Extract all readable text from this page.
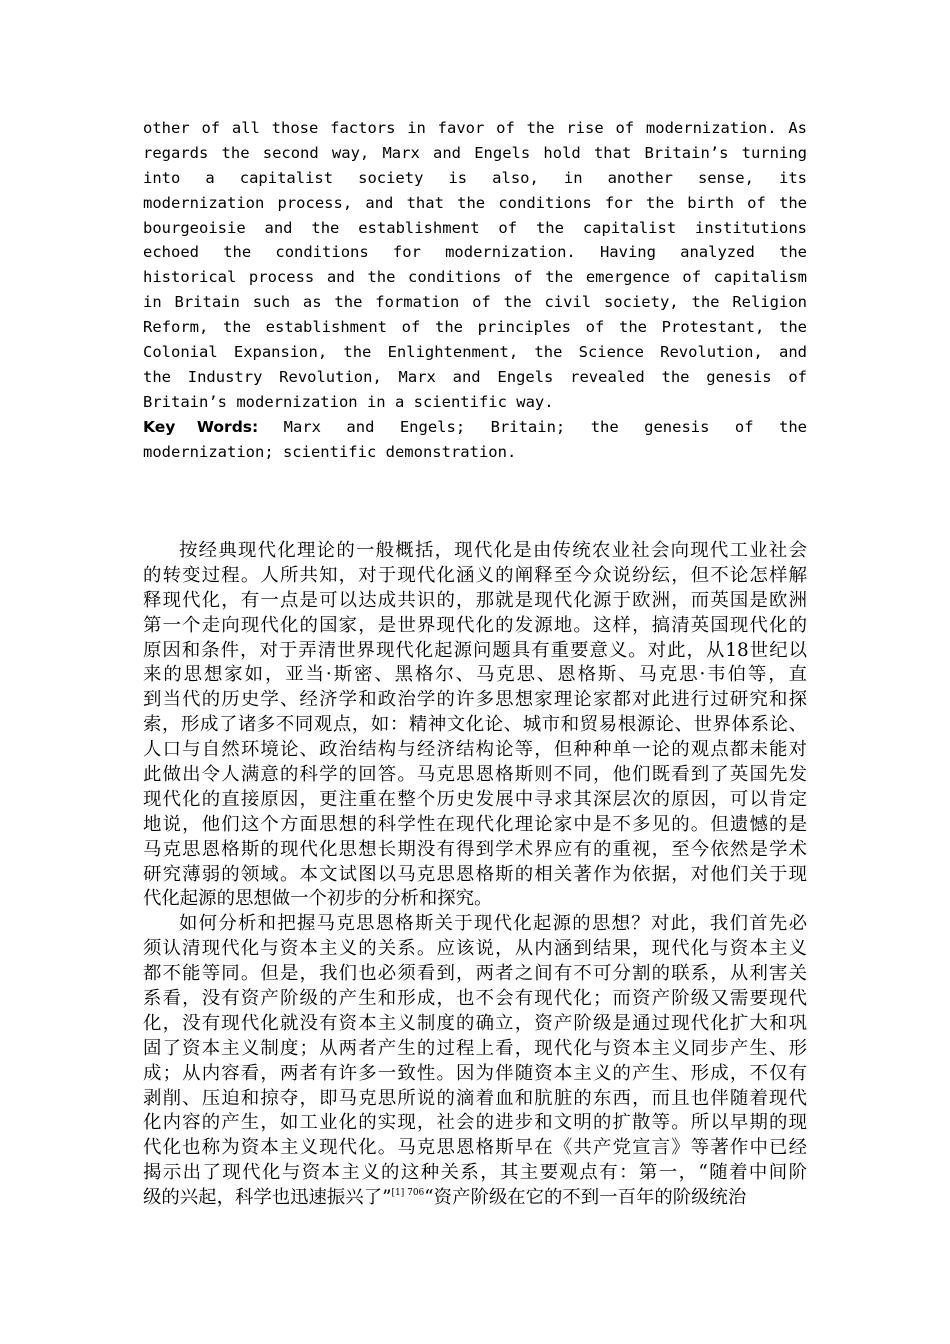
other of all those factors in favor of the rise of modernization. As
regards the second way, Marx and Engels hold that Britain’s turning
into a capitalist society is also, in another sense, its
modernization process, and that the conditions for the birth of the
bourgeoisie and the establishment of the capitalist institutions
echoed the conditions for modernization. Having analyzed the
historical process and the conditions of the emergence of capitalism
in Britain such as the formation of the civil society, the Religion
Reform, the establishment of the principles of the Protestant, the
Colonial Expansion, the Enlightenment, the Science Revolution, and
the Industry Revolution, Marx and Engels revealed the genesis of
Britain’s modernization in a scientific way.
Key Words: Marx and Engels; Britain; the genesis of the
modernization; scientific demonstration.
按经典现代化理论的一般概括，现代化是由传统农业社会向现代工业社会
的转变过程。人所共知，对于现代化涵义的阐释至今众说纷纭，但不论怎样解
释现代化，有一点是可以达成共识的，那就是现代化源于欧洲，而英国是欧洲
第一个走向现代化的国家，是世界现代化的发源地。这样，搞清英国现代化的
原因和条件，对于弄清世界现代化起源问题具有重要意义。对此，从18世纪以
来的思想家如，亚当·斯密、黑格尔、马克思、恩格斯、马克思·韦伯等，直
到当代的历史学、经济学和政治学的许多思想家理论家都对此进行过研究和探
索，形成了诸多不同观点，如：精神文化论、城市和贸易根源论、世界体系论、
人口与自然环境论、政治结构与经济结构论等，但种种单一论的观点都未能对
此做出令人满意的科学的回答。马克思恩格斯则不同，他们既看到了英国先发
现代化的直接原因，更注重在整个历史发展中寻求其深层次的原因，可以肯定
地说，他们这个方面思想的科学性在现代化理论家中是不多见的。但遗憾的是
马克思恩格斯的现代化思想长期没有得到学术界应有的重视，至今依然是学术
研究薄弱的领域。本文试图以马克思恩格斯的相关著作为依据，对他们关于现
代化起源的思想做一个初步的分析和探究。
如何分析和把握马克思恩格斯关于现代化起源的思想？对此，我们首先必
须认清现代化与资本主义的关系。应该说，从内涵到结果，现代化与资本主义
都不能等同。但是，我们也必须看到，两者之间有不可分割的联系，从利害关
系看，没有资产阶级的产生和形成，也不会有现代化；而资产阶级又需要现代
化，没有现代化就没有资本主义制度的确立，资产阶级是通过现代化扩大和巩
固了资本主义制度；从两者产生的过程上看，现代化与资本主义同步产生、形
成；从内容看，两者有许多一致性。因为伴随资本主义的产生、形成，不仅有
剥削、压迫和掠夺，即马克思所说的滴着血和肮脏的东西，而且也伴随着现代
化内容的产生，如工业化的实现，社会的进步和文明的扩散等。所以早期的现
代化也称为资本主义现代化。马克思恩格斯早在《共产党宣言》等著作中已经
揭示出了现代化与资本主义的这种关系，其主要观点有：第一，“随着中间阶
级的兴起，科学也迅速振兴了”$^{[1] 706}$“资产阶级在它的不到一百年的阶级统治
